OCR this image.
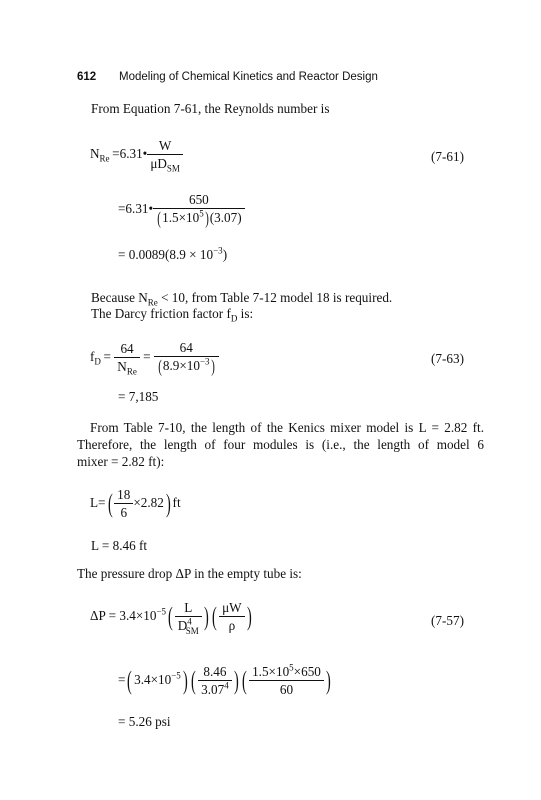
612 Modeling of Chemical Kinetics and Reactor Design
From Equation 7-61, the Reynolds number is
$N_{Re}$ =6.31• $\frac{W}{\mu D_{SM}}$	(7-61)
=6.31• $\frac{650}{(1.5\times 10^5)(3.07)}$
= $0.0089(8.9 \times 10^{-3})$
Because $N_{Re} < 10$, from Table 7-12 model 18 is required.
The Darcy friction factor $f_D$ is:
$f_D = \frac{64}{N_{Re}} = \frac{64}{(8.9\times 10^{-3})}$	(7-63)
= 7,185
From Table 7-10, the length of the Kenics mixer model is L = 2.82 ft.
Therefore, the length of four modules is (i.e., the length of model 6
mixer = 2.82 ft):
$L=( \frac{18}{6} \times 2.82)$ ft
L = 8.46 ft
The pressure drop ΔP in the empty tube is:
$\Delta P = 3.4\times 10^{-5}( \frac{L}{D^4_{SM}}$ ) ( $\frac{\mu W}{\rho}$ )	(7-57)
=( $3.4\times 10^{-5}$) ( $\frac{8.46}{3.07^4}$ ) ( $\frac{1.5\times 10^5\times 650}{60}$ )
= 5.26 psi
